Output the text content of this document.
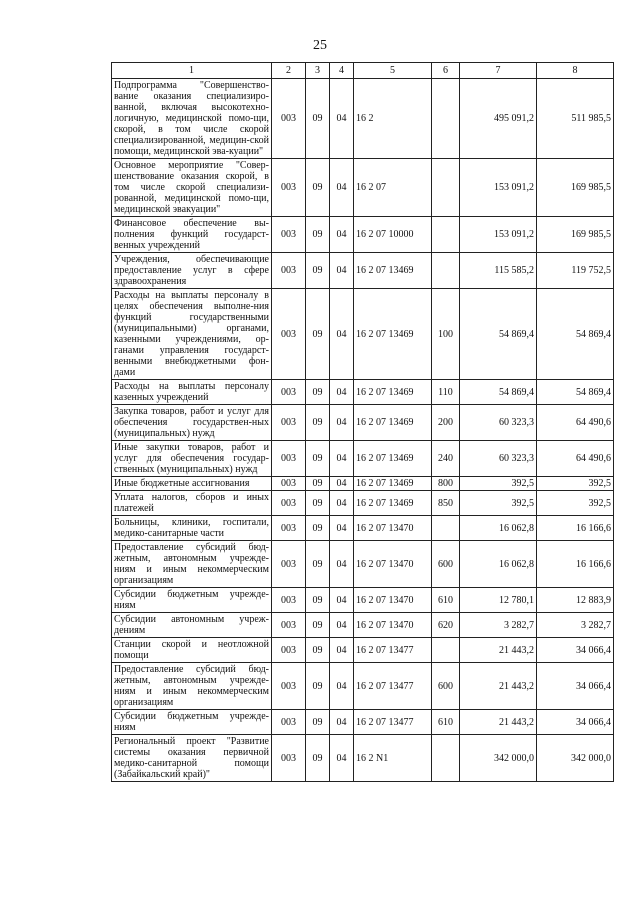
25
1	2	3	4	5	6	7	8
Подпрограмма "Совершенство-вание оказания специализиро-ванной, включая высокотехно-логичную, медицинской помо-щи, скорой, в том числе скорой специализированной, медицин-ской помощи, медицинской эва-куации"	003	09	04	16 2		495 091,2	511 985,5
Основное мероприятие "Совер-шенствование оказания скорой, в том числе скорой специализи-рованной, медицинской помо-щи, медицинской эвакуации"	003	09	04	16 2 07		153 091,2	169 985,5
Финансовое обеспечение вы-полнения функций государст-венных учреждений	003	09	04	16 2 07 10000		153 091,2	169 985,5
Учреждения, обеспечивающие предоставление услуг в сфере здравоохранения	003	09	04	16 2 07 13469		115 585,2	119 752,5
Расходы на выплаты персоналу в целях обеспечения выполне-ния функций государственными (муниципальными) органами, казенными учреждениями, ор-ганами управления государст-венными внебюджетными фон-дами	003	09	04	16 2 07 13469	100	54 869,4	54 869,4
Расходы на выплаты персоналу казенных учреждений	003	09	04	16 2 07 13469	110	54 869,4	54 869,4
Закупка товаров, работ и услуг для обеспечения государствен-ных (муниципальных) нужд	003	09	04	16 2 07 13469	200	60 323,3	64 490,6
Иные закупки товаров, работ и услуг для обеспечения государ-ственных (муниципальных) нужд	003	09	04	16 2 07 13469	240	60 323,3	64 490,6
Иные бюджетные ассигнования	003	09	04	16 2 07 13469	800	392,5	392,5
Уплата налогов, сборов и иных платежей	003	09	04	16 2 07 13469	850	392,5	392,5
Больницы, клиники, госпитали, медико-санитарные части	003	09	04	16 2 07 13470		16 062,8	16 166,6
Предоставление субсидий бюд-жетным, автономным учрежде-ниям и иным некоммерческим организациям	003	09	04	16 2 07 13470	600	16 062,8	16 166,6
Субсидии бюджетным учрежде-ниям	003	09	04	16 2 07 13470	610	12 780,1	12 883,9
Субсидии автономным учреж-дениям	003	09	04	16 2 07 13470	620	3 282,7	3 282,7
Станции скорой и неотложной помощи	003	09	04	16 2 07 13477		21 443,2	34 066,4
Предоставление субсидий бюд-жетным, автономным учрежде-ниям и иным некоммерческим организациям	003	09	04	16 2 07 13477	600	21 443,2	34 066,4
Субсидии бюджетным учрежде-ниям	003	09	04	16 2 07 13477	610	21 443,2	34 066,4
Региональный проект "Развитие системы оказания первичной медико-санитарной помощи (Забайкальский край)"	003	09	04	16 2 N1		342 000,0	342 000,0
